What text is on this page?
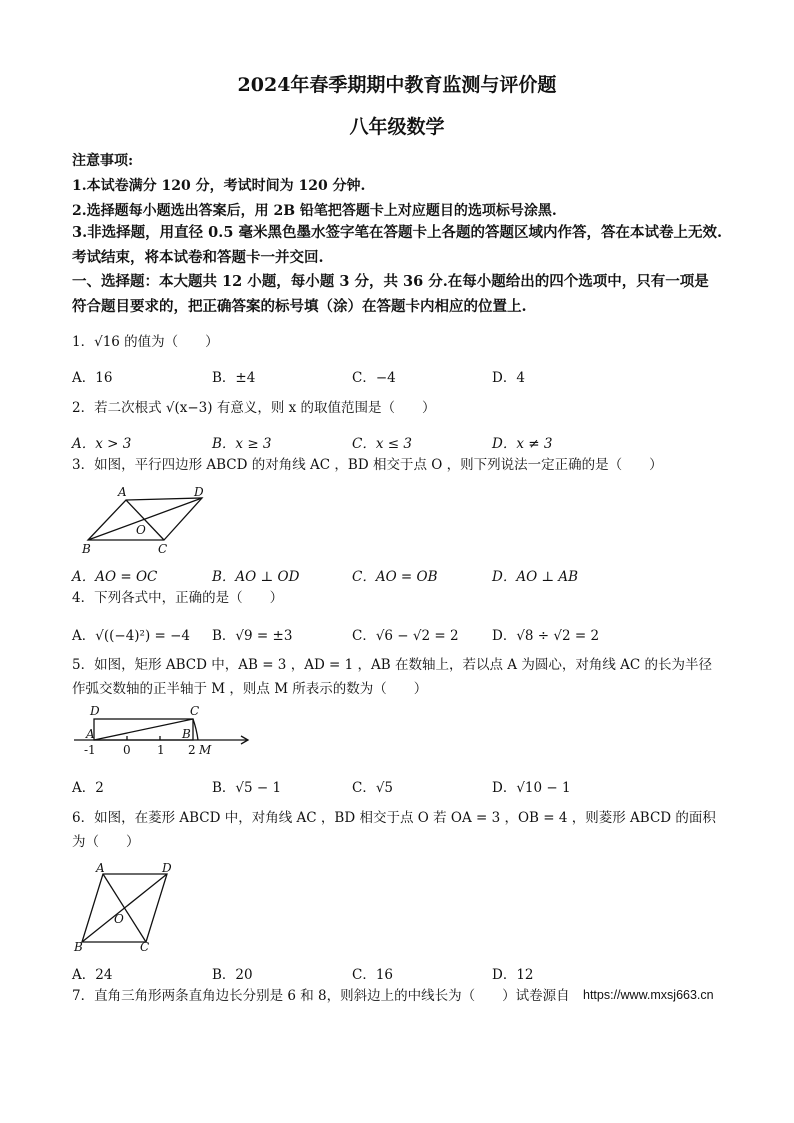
2024年春季期期中教育监测与评价题
八年级数学
注意事项:
1.本试卷满分 120 分，考试时间为 120 分钟.
2.选择题每小题选出答案后，用 2B 铅笔把答题卡上对应题目的选项标号涂黑.
3.非选择题，用直径 0.5 毫米黑色墨水签字笔在答题卡上各题的答题区域内作答，答在本试卷上无效.考试结束，将本试卷和答题卡一并交回.
一、选择题：本大题共 12 小题，每小题 3 分，共 36 分.在每小题给出的四个选项中，只有一项是符合题目要求的，把正确答案的标号填（涂）在答题卡内相应的位置上.
1．√16 的值为（　　）
A．16	B．±4	C．−4	D．4
2．若二次根式 √(x−3) 有意义，则 x 的取值范围是（　　）
A．x > 3	B．x ≥ 3	C．x ≤ 3	D．x ≠ 3
3．如图，平行四边形 ABCD 的对角线 AC ，BD 相交于点 O ，则下列说法一定正确的是（　　）
A	D
O
B	C
A．AO = OC	B．AO ⊥ OD	C．AO = OB	D．AO ⊥ AB
4．下列各式中，正确的是（　　）
A．√((−4)²) = −4 B．√9 = ±3	C．√6 − √2 = 2 D．√8 ÷ √2 = 2
5．如图，矩形 ABCD 中，AB = 3 ，AD = 1 ，AB 在数轴上，若以点 A 为圆心，对角线 AC 的长为半径作弧交数轴的正半轴于 M ，则点 M 所表示的数为（　　）
D	C
A	B
M
-1 0 1 2
A．2	B．√5 − 1	C．√5	D．√10 − 1
6．如图，在菱形 ABCD 中，对角线 AC ，BD 相交于点 O 若 OA = 3 ，OB = 4 ，则菱形 ABCD 的面积为（　　）
A	D
O
B	C
A．24	B．20	C．16	D．12
7．直角三角形两条直角边长分别是 6 和 8，则斜边上的中线长为（　　）试卷源自	https://www.mxsj663.cn
